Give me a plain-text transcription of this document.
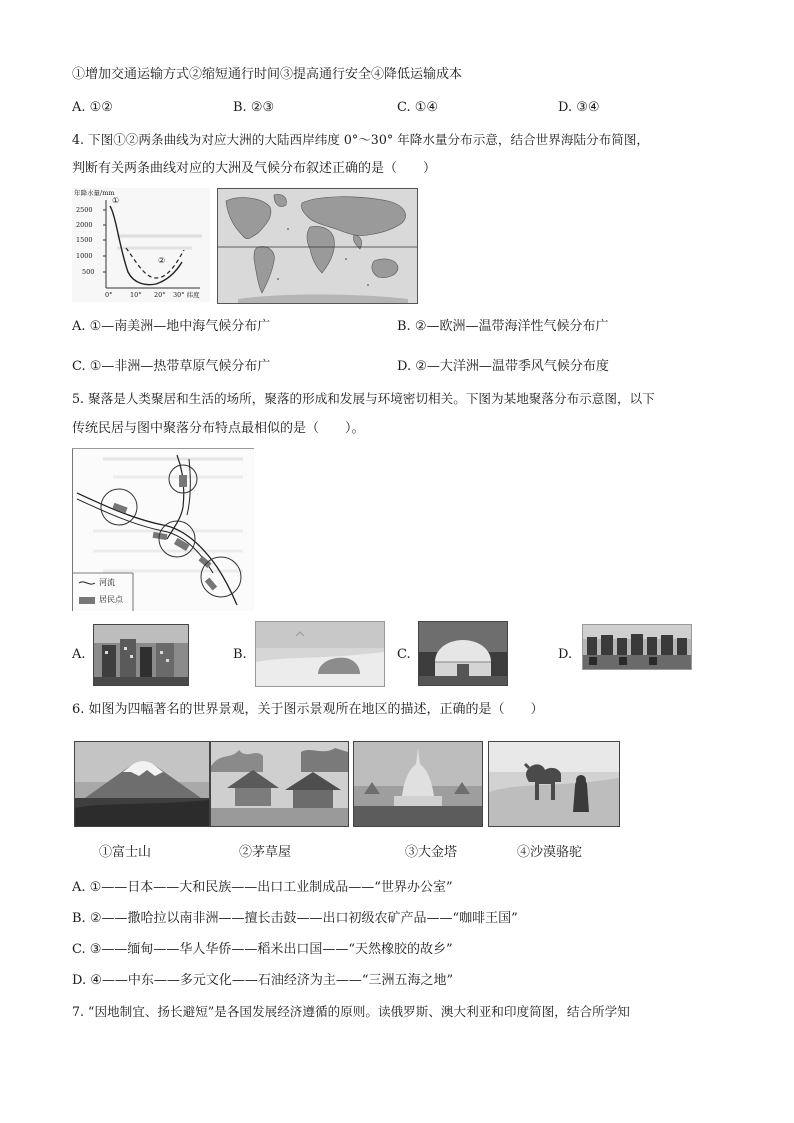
①增加交通运输方式②缩短通行时间③提高通行安全④降低运输成本
A. ①②	B. ②③	C. ①④	D. ③④
4. 下图①②两条曲线为对应大洲的大陆西岸纬度 0°～30° 年降水量分布示意，结合世界海陆分布简图，
判断有关两条曲线对应的大洲及气候分布叙述正确的是（　　）
年降水量/mm
2500
2000
1500
1000
500
0°	10° 20° 30° 纬度
①
②
A. ①—南美洲—地中海气候分布广	B. ②—欧洲—温带海洋性气候分布广
C. ①—非洲—热带草原气候分布广	D. ②—大洋洲—温带季风气候分布度
5. 聚落是人类聚居和生活的场所，聚落的形成和发展与环境密切相关。下图为某地聚落分布示意图，以下
传统民居与图中聚落分布特点最相似的是（　　）。
河流
居民点
A.	B.	C.	D.
6. 如图为四幅著名的世界景观，关于图示景观所在地区的描述，正确的是（　　）
①富士山	②茅草屋	③大金塔	④沙漠骆驼
A. ①——日本——大和民族——出口工业制成品——“世界办公室”
B. ②——撒哈拉以南非洲——擅长击鼓——出口初级农矿产品——“咖啡王国”
C. ③——缅甸——华人华侨——稻米出口国——“天然橡胶的故乡”
D. ④——中东——多元文化——石油经济为主——“三洲五海之地”
7. “因地制宜、扬长避短”是各国发展经济遵循的原则。读俄罗斯、澳大利亚和印度简图，结合所学知
